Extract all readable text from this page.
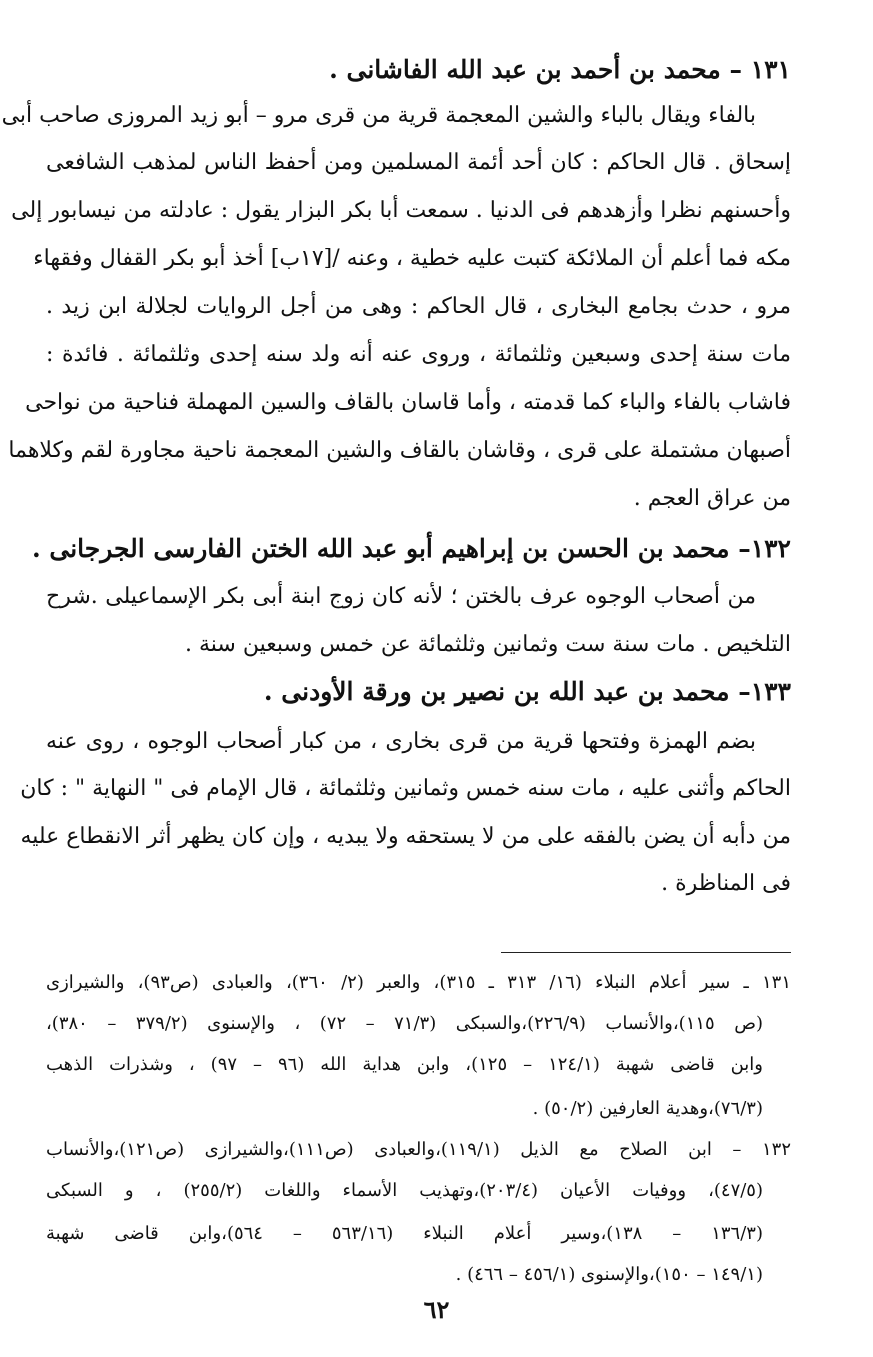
١٣١ – محمد بن أحمد بن عبد الله الفاشانى .
بالفاء ويقال بالباء والشين المعجمة قرية من قرى مرو – أبو زيد المروزى صاحب أبى
إسحاق . قال الحاكم : كان أحد أئمة المسلمين ومن أحفظ الناس لمذهب الشافعى
وأحسنهم نظرا وأزهدهم فى الدنيا . سمعت أبا بكر البزار يقول : عادلته من نيسابور إلى
مكه فما أعلم أن الملائكة كتبت عليه خطية ، وعنه /[١٧ب] أخذ أبو بكر القفال وفقهاء
مرو ، حدث بجامع البخارى ، قال الحاكم : وهى من أجل الروايات لجلالة ابن زيد .
مات سنة إحدى وسبعين وثلثمائة ، وروى عنه أنه ولد سنه إحدى وثلثمائة . فائدة :
فاشاب بالفاء والباء كما قدمته ، وأما قاسان بالقاف والسين المهملة فناحية من نواحى
أصبهان مشتملة على قرى ، وقاشان بالقاف والشين المعجمة ناحية مجاورة لقم وكلاهما
من عراق العجم .
١٣٢– محمد بن الحسن بن إبراهيم أبو عبد الله الختن الفارسى الجرجانى .
من أصحاب الوجوه عرف بالختن ؛ لأنه كان زوج ابنة أبى بكر الإسماعيلى .شرح
التلخيص . مات سنة ست وثمانين وثلثمائة عن خمس وسبعين سنة .
١٣٣– محمد بن عبد الله بن نصير بن ورقة الأودنى .
بضم الهمزة وفتحها قرية من قرى بخارى ، من كبار أصحاب الوجوه ، روى عنه
الحاكم وأثنى عليه ، مات سنه خمس وثمانين وثلثمائة ، قال الإمام فى " النهاية " : كان
من دأبه أن يضن بالفقه على من لا يستحقه ولا يبديه ، وإن كان يظهر أثر الانقطاع عليه
فى المناظرة .
١٣١ ـ سير أعلام النبلاء (١٦/ ٣١٣ ـ ٣١٥)، والعبر (٢/ ٣٦٠)، والعبادى (ص٩٣)، والشيرازى
(ص ١١٥)،والأنساب (٢٢٦/٩)،والسبكى (٧١/٣ – ٧٢) ، والإسنوى (٣٧٩/٢ – ٣٨٠)،
وابن قاضى شهبة (١٢٤/١ – ١٢٥)، وابن هداية الله (٩٦ – ٩٧) ، وشذرات الذهب
(٧٦/٣)،وهدية العارفين (٥٠/٢) .
١٣٢ – ابن الصلاح مع الذيل (١١٩/١)،والعبادى (ص١١١)،والشيرازى (ص١٢١)،والأنساب
(٤٧/٥)، ووفيات الأعيان (٢٠٣/٤)،وتهذيب الأسماء واللغات (٢٥٥/٢) ، و السبكى
(١٣٦/٣ – ١٣٨)،وسير أعلام النبلاء (٥٦٣/١٦ – ٥٦٤)،وابن قاضى شهبة
(١٤٩/١ – ١٥٠)،والإسنوى (٤٥٦/١ – ٤٦٦) .
٦٢
